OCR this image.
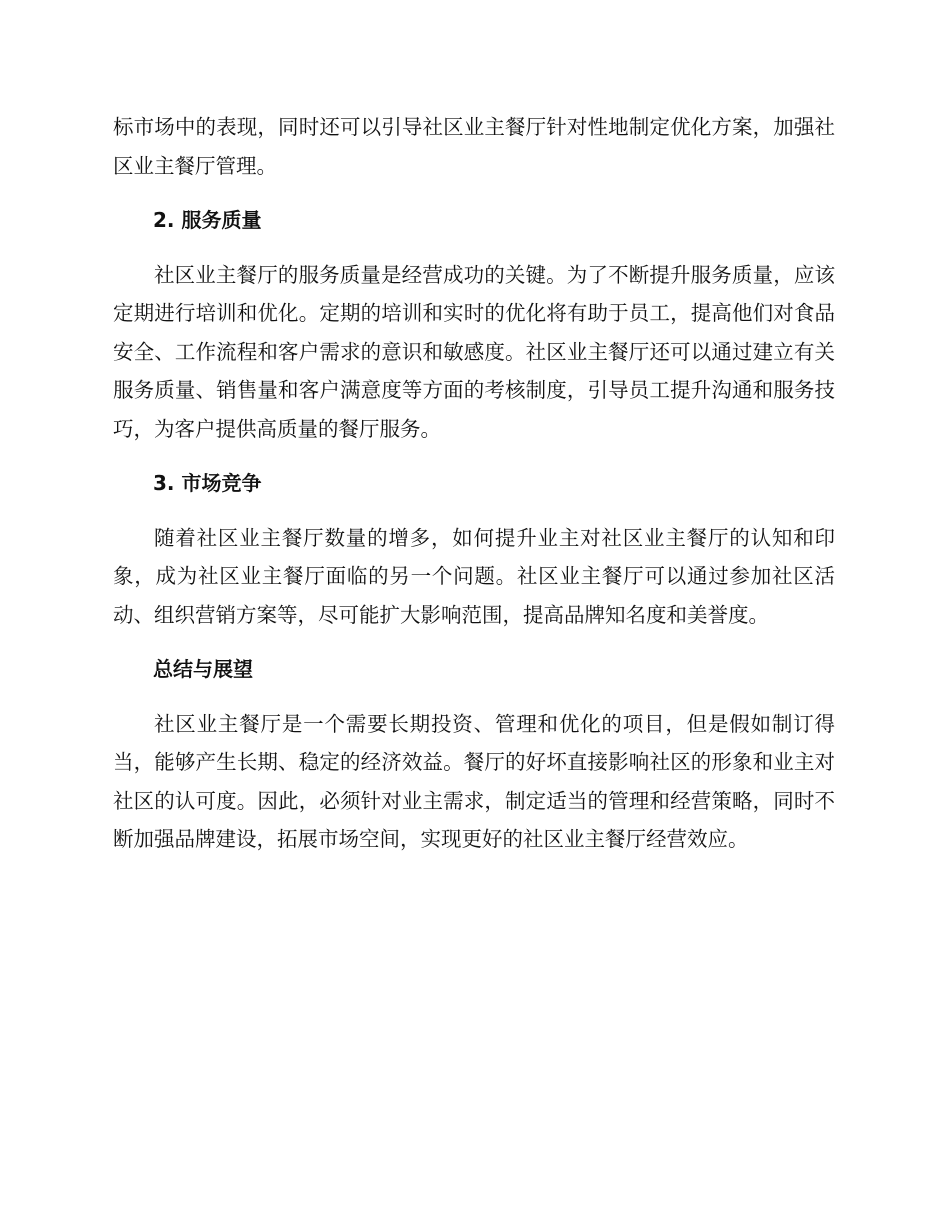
标市场中的表现，同时还可以引导社区业主餐厅针对性地制定优化方案，加强社区业主餐厅管理。

2. 服务质量

社区业主餐厅的服务质量是经营成功的关键。为了不断提升服务质量，应该定期进行培训和优化。定期的培训和实时的优化将有助于员工，提高他们对食品安全、工作流程和客户需求的意识和敏感度。社区业主餐厅还可以通过建立有关服务质量、销售量和客户满意度等方面的考核制度，引导员工提升沟通和服务技巧，为客户提供高质量的餐厅服务。

3. 市场竞争

随着社区业主餐厅数量的增多，如何提升业主对社区业主餐厅的认知和印象，成为社区业主餐厅面临的另一个问题。社区业主餐厅可以通过参加社区活动、组织营销方案等，尽可能扩大影响范围，提高品牌知名度和美誉度。

总结与展望

社区业主餐厅是一个需要长期投资、管理和优化的项目，但是假如制订得当，能够产生长期、稳定的经济效益。餐厅的好坏直接影响社区的形象和业主对社区的认可度。因此，必须针对业主需求，制定适当的管理和经营策略，同时不断加强品牌建设，拓展市场空间，实现更好的社区业主餐厅经营效应。
